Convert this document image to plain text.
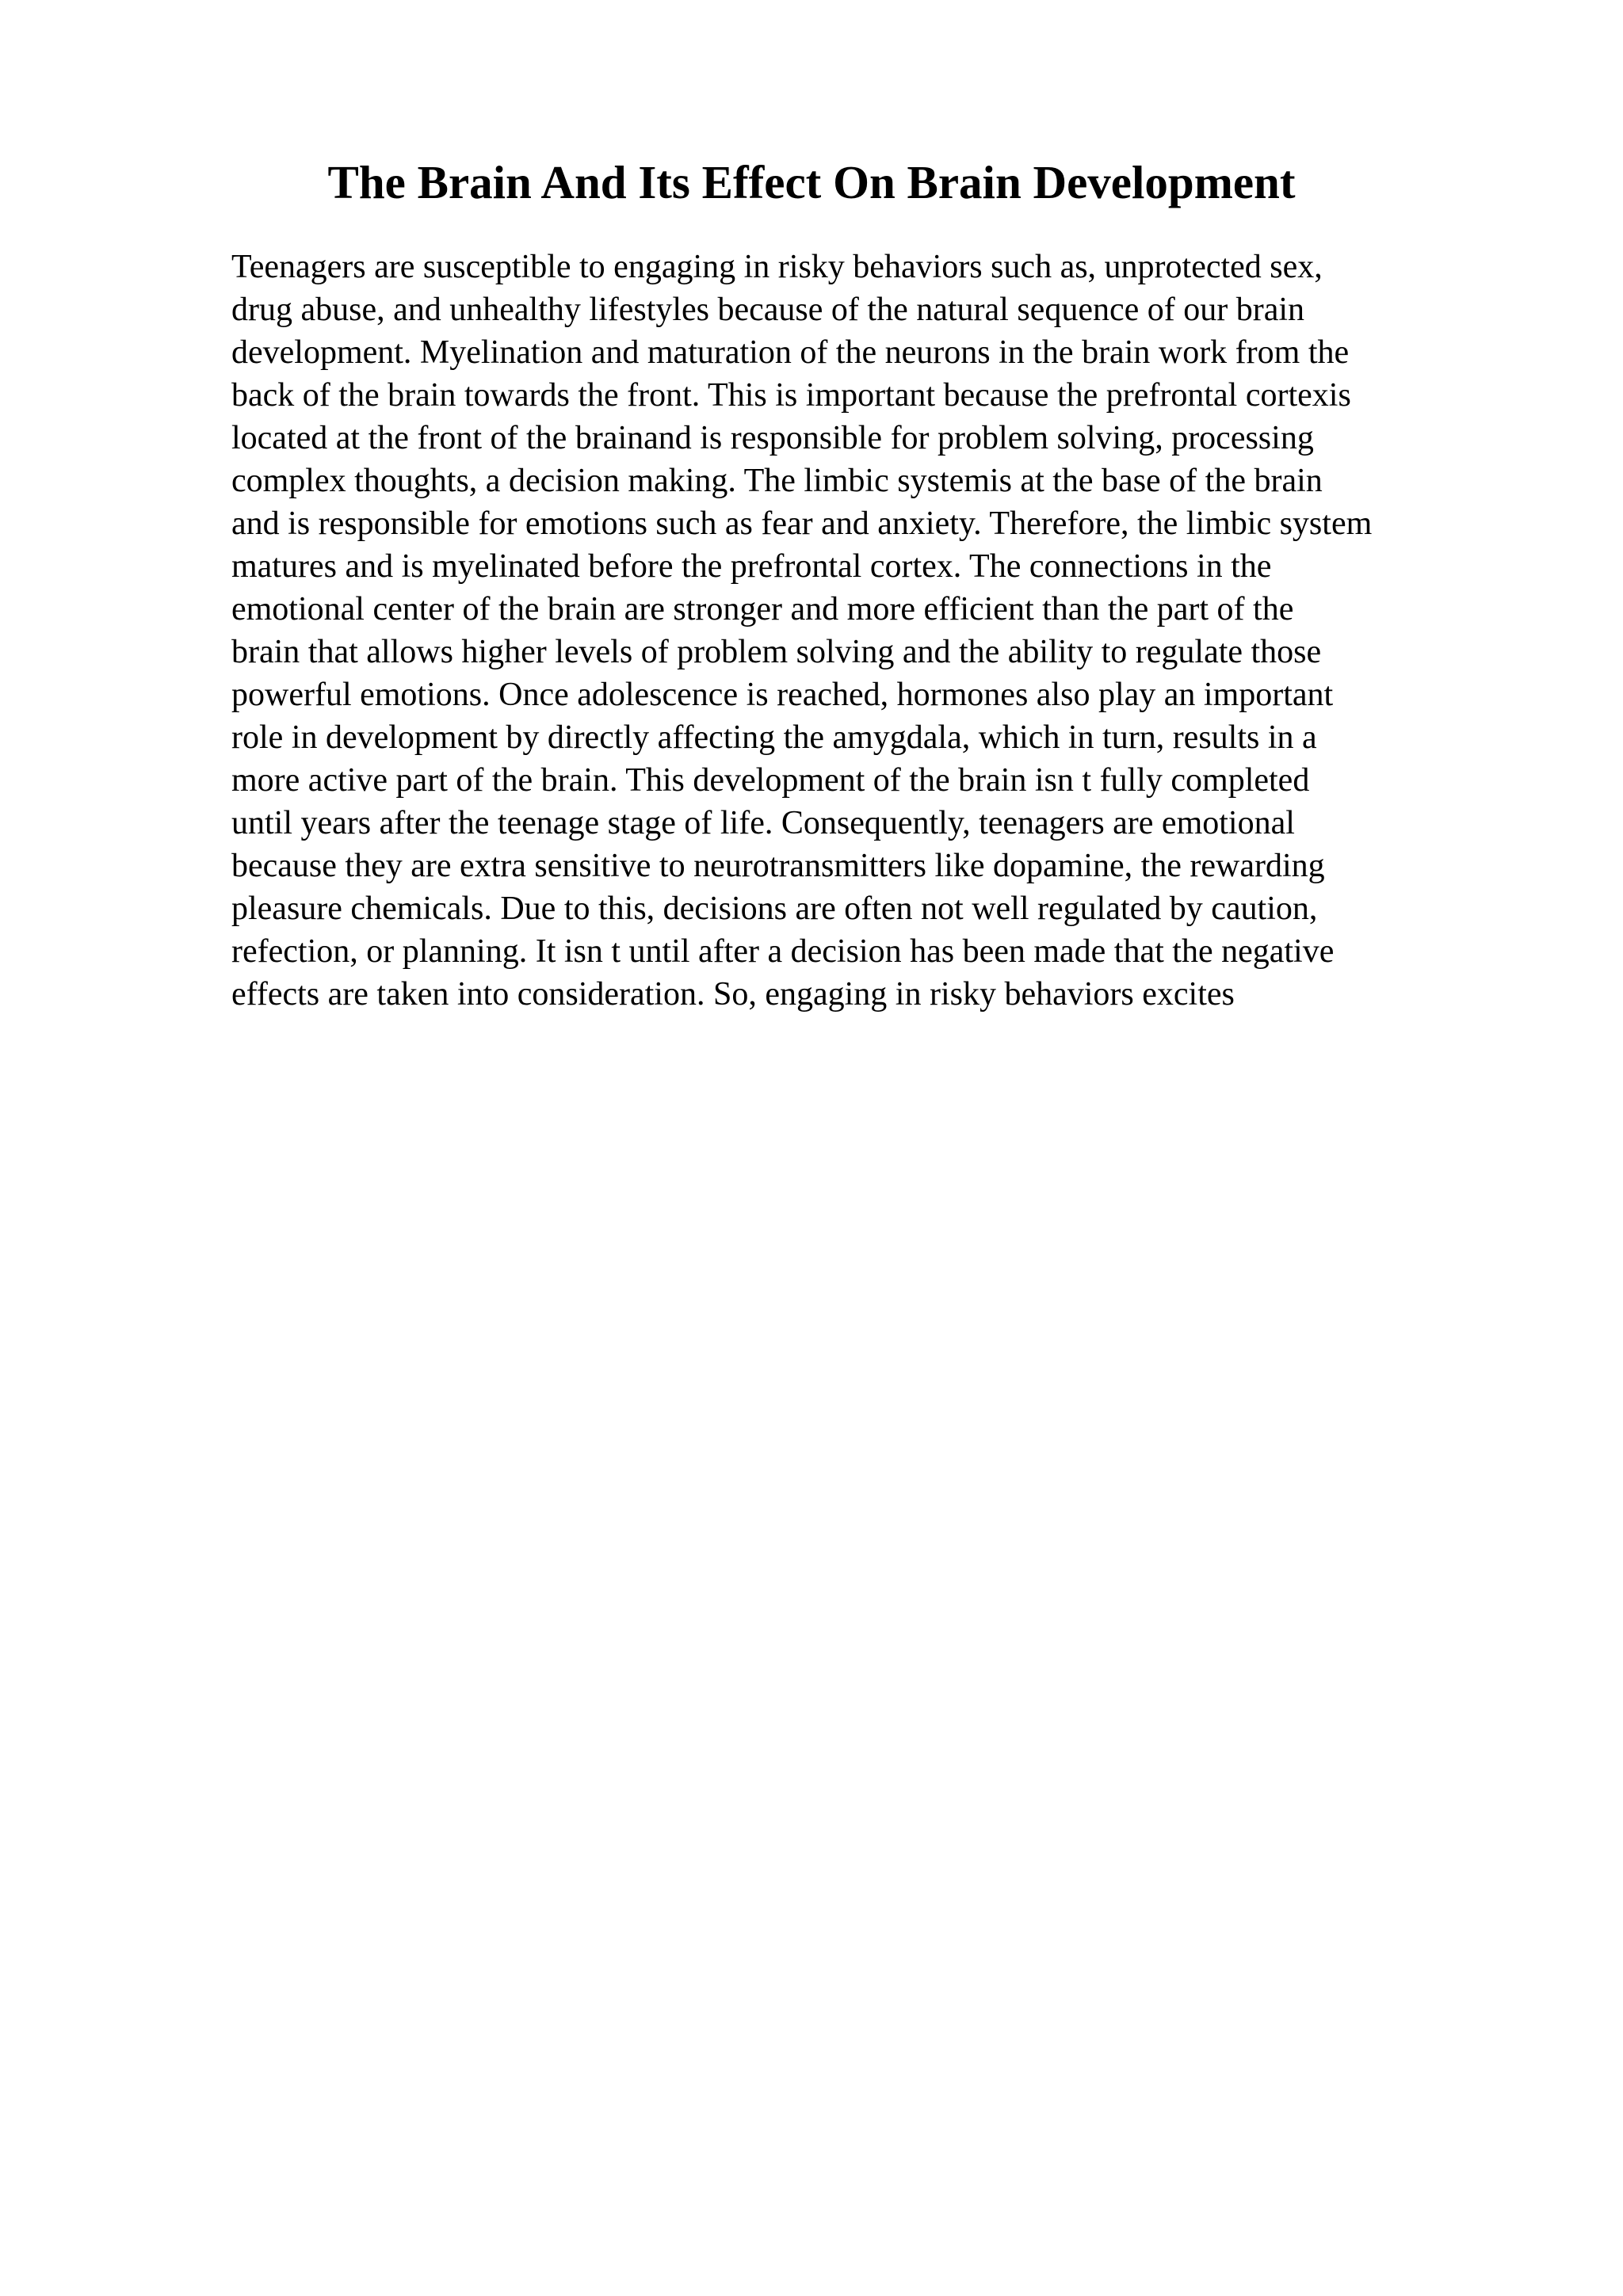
The Brain And Its Effect On Brain Development
Teenagers are susceptible to engaging in risky behaviors such as, unprotected sex,
drug abuse, and unhealthy lifestyles because of the natural sequence of our brain
development. Myelination and maturation of the neurons in the brain work from the
back of the brain towards the front. This is important because the prefrontal cortexis
located at the front of the brainand is responsible for problem solving, processing
complex thoughts, a decision making. The limbic systemis at the base of the brain
and is responsible for emotions such as fear and anxiety. Therefore, the limbic system
matures and is myelinated before the prefrontal cortex. The connections in the
emotional center of the brain are stronger and more efficient than the part of the
brain that allows higher levels of problem solving and the ability to regulate those
powerful emotions. Once adolescence is reached, hormones also play an important
role in development by directly affecting the amygdala, which in turn, results in a
more active part of the brain. This development of the brain isn t fully completed
until years after the teenage stage of life. Consequently, teenagers are emotional
because they are extra sensitive to neurotransmitters like dopamine, the rewarding
pleasure chemicals. Due to this, decisions are often not well regulated by caution,
refection, or planning. It isn t until after a decision has been made that the negative
effects are taken into consideration. So, engaging in risky behaviors excites
